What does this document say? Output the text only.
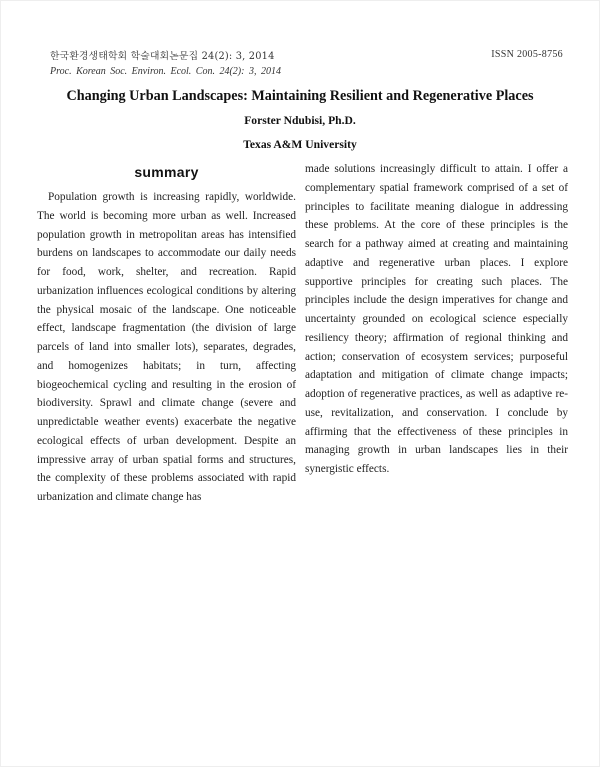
한국환경생태학회 학술대회논문집 24(2): 3, 2014
Proc. Korean Soc. Environ. Ecol. Con. 24(2): 3, 2014
ISSN 2005-8756
Changing Urban Landscapes: Maintaining Resilient and Regenerative Places
Forster Ndubisi, Ph.D.
Texas A&M University
summary

Population growth is increasing rapidly, worldwide. The world is becoming more urban as well. Increased population growth in metropolitan areas has intensified burdens on landscapes to accommodate our daily needs for food, work, shelter, and recreation. Rapid urbanization influences ecological conditions by altering the physical mosaic of the landscape. One noticeable effect, landscape fragmentation (the division of large parcels of land into smaller lots), separates, degrades, and homogenizes habitats; in turn, affecting biogeochemical cycling and resulting in the erosion of biodiversity. Sprawl and climate change (severe and unpredictable weather events) exacerbate the negative ecological effects of urban development. Despite an impressive array of urban spatial forms and structures, the complexity of these problems associated with rapid urbanization and climate change has

made solutions increasingly difficult to attain. I offer a complementary spatial framework comprised of a set of principles to facilitate meaning dialogue in addressing these problems. At the core of these principles is the search for a pathway aimed at creating and maintaining adaptive and regenerative urban places. I explore supportive principles for creating such places. The principles include the design imperatives for change and uncertainty grounded on ecological science especially resiliency theory; affirmation of regional thinking and action; conservation of ecosystem services; purposeful adaptation and mitigation of climate change impacts; adoption of regenerative practices, as well as adaptive re-use, revitalization, and conservation. I conclude by affirming that the effectiveness of these principles in managing growth in urban landscapes lies in their synergistic effects.
